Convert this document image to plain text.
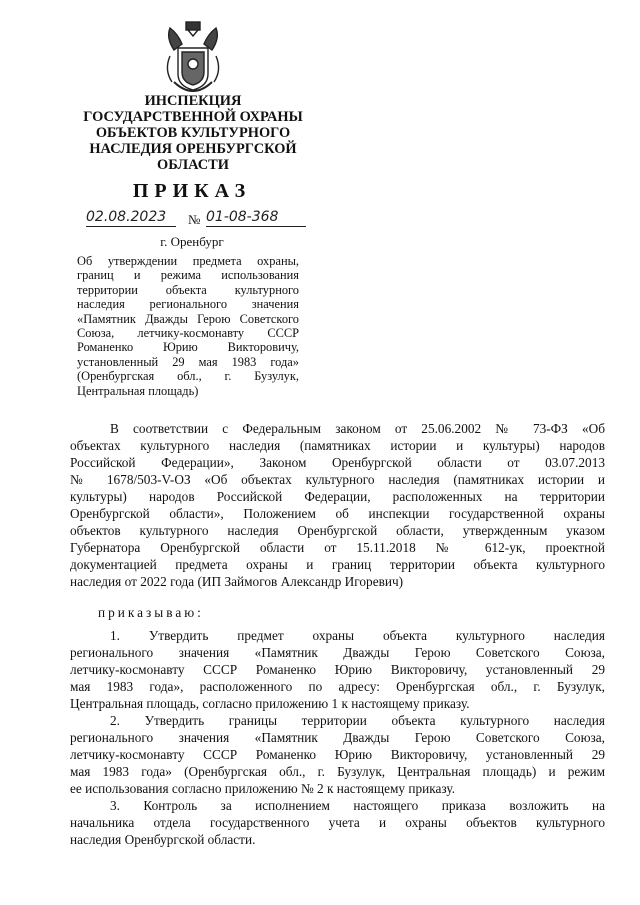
ИНСПЕКЦИЯ
ГОСУДАРСТВЕННОЙ ОХРАНЫ
ОБЪЕКТОВ КУЛЬТУРНОГО
НАСЛЕДИЯ ОРЕНБУРГСКОЙ
ОБЛАСТИ
ПРИКАЗ
02.08.2023	№ 01-08-368
г. Оренбург
Об утверждении предмета охраны,
границ и режима использования
территории объекта культурного
наследия регионального значения
«Памятник Дважды Герою Советского
Союза, летчику-космонавту СССР
Романенко Юрию Викторовичу,
установленный 29 мая 1983 года»
(Оренбургская обл., г. Бузулук,
Центральная площадь)
В соответствии с Федеральным законом от 25.06.2002 № 73-ФЗ «Об
объектах культурного наследия (памятниках истории и культуры) народов
Российской Федерации», Законом Оренбургской области от 03.07.2013
№ 1678/503-V-ОЗ «Об объектах культурного наследия (памятниках истории и
культуры) народов Российской Федерации, расположенных на территории
Оренбургской области», Положением об инспекции государственной охраны
объектов культурного наследия Оренбургской области, утвержденным указом
Губернатора Оренбургской области от 15.11.2018 № 612-ук, проектной
документацией предмета охраны и границ территории объекта культурного
наследия от 2022 года (ИП Займогов Александр Игоревич)
приказываю:
1. Утвердить предмет охраны объекта культурного наследия
регионального значения «Памятник Дважды Герою Советского Союза,
летчику-космонавту СССР Романенко Юрию Викторовичу, установленный 29
мая 1983 года», расположенного по адресу: Оренбургская обл., г. Бузулук,
Центральная площадь, согласно приложению 1 к настоящему приказу.
2. Утвердить границы территории объекта культурного наследия
регионального значения «Памятник Дважды Герою Советского Союза,
летчику-космонавту СССР Романенко Юрию Викторовичу, установленный 29
мая 1983 года» (Оренбургская обл., г. Бузулук, Центральная площадь) и режим
ее использования согласно приложению № 2 к настоящему приказу.
3. Контроль за исполнением настоящего приказа возложить на
начальника отдела государственного учета и охраны объектов культурного
наследия Оренбургской области.
